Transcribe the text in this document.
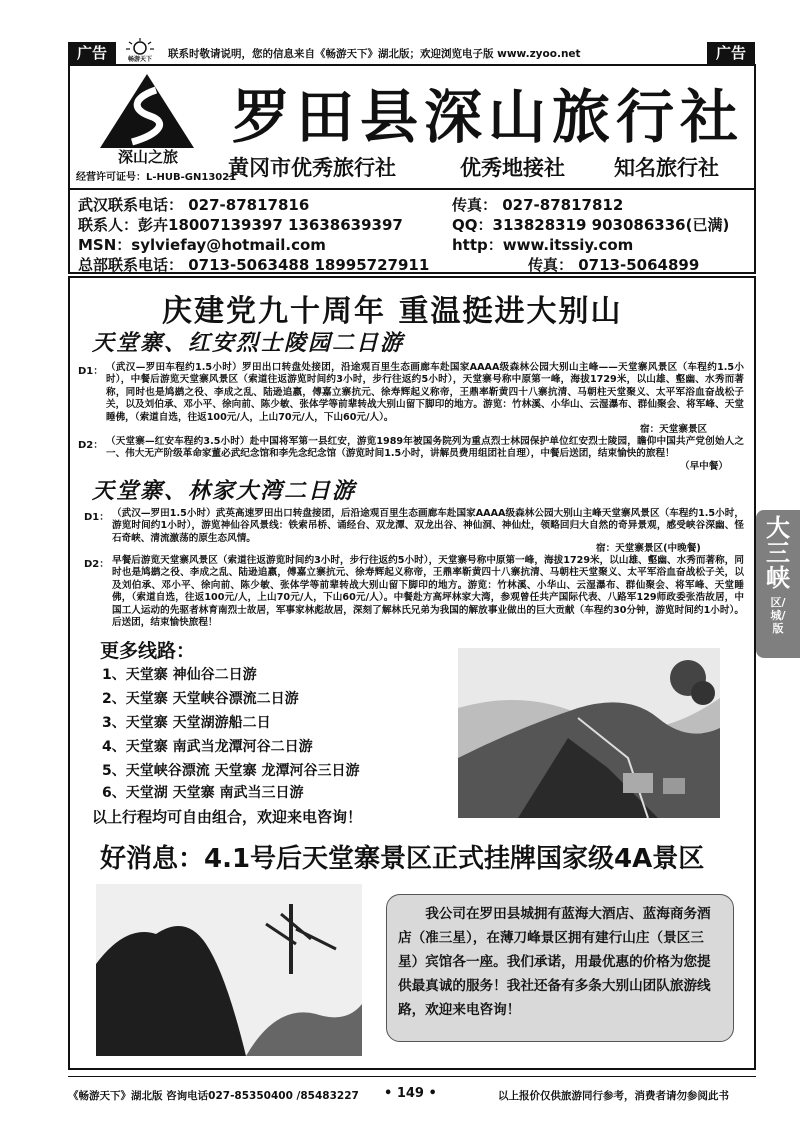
广告	畅游天下	联系时敬请说明，您的信息来自《畅游天下》湖北版；欢迎浏览电子版 www.zyoo.net	广告
深山之旅
经营许可证号：L-HUB-GN13021
罗田县深山旅行社
黄冈市优秀旅行社	优秀地接社 知名旅行社
武汉联系电话： 027-87817816	传真： 027-87817812
联系人：彭卉18007139397 13638639397	QQ：313828319 903086336(已满)
MSN：sylviefay@hotmail.com	http：www.itssiy.com
总部联系电话： 0713-5063488 18995727911	传真： 0713-5064899
庆建党九十周年 重温挺进大别山
天堂寨、红安烈士陵园二日游
D1： （武汉—罗田车程约1.5小时）罗田出口转盘处接团，沿途观百里生态画廊车赴国家AAAA级森林公园大别山主峰——天堂寨风景区（车程约1.5小时），中餐后游览天堂寨风景区（索道往返游览时间约3小时，步行往返约5小时），天堂寨号称中原第一峰，海拔1729米，以山雄、壑幽、水秀而著称，同时也是鸠鹚之役、李成之乱、陆逊追嬴，傅嘉立寨抗元、徐寿辉起义称帝，王鼎率靳黄四十八寨抗清、马朝柱天堂聚义、太平军浴血奋战松子关，以及刘伯承、邓小平、徐向前、陈少敏、张体学等前辈转战大别山留下脚印的地方。游览：竹林溪、小华山、云湿瀑布、群仙聚会、将军峰、天堂睡佛，（索道自选，往返100元/人，上山70元/人，下山60元/人）。
宿：天堂寨景区
D2： （天堂寨—红安车程约3.5小时）赴中国将军第一县红安，游览1989年被国务院列为重点烈士林园保护单位红安烈士陵园，瞻仰中国共产党创始人之一、伟大无产阶级革命家董必武纪念馆和李先念纪念馆（游览时间1.5小时，讲解员费用组团社自理），中餐后送团，结束愉快的旅程！
（早中餐）
天堂寨、林家大湾二日游
D1： （武汉—罗田1.5小时）武英高速罗田出口转盘接团，后沿途观百里生态画廊车赴国家AAAA级森林公园大别山主峰天堂寨风景区（车程约1.5小时，游览时间约1小时），游览神仙谷风景线：铁索吊桥、诵经台、双龙潭、双龙出谷、神仙洞、神仙灶，领略回归大自然的奇异景观，感受峡谷深幽、怪石奇峡、清流激荡的原生态风情。
宿：天堂寨景区(中晚餐)
D2： 早餐后游览天堂寨风景区（索道往返游览时间约3小时，步行往返约5小时），天堂寨号称中原第一峰，海拔1729米，以山雄、壑幽、水秀而著称，同时也是鸠鹚之役、李成之乱、陆逊追嬴，傅嘉立寨抗元、徐寿辉起义称帝，王鼎率靳黄四十八寨抗清、马朝柱天堂聚义、太平军浴血奋战松子关，以及刘伯承、邓小平、徐向前、陈少敏、张体学等前辈转战大别山留下脚印的地方。游览：竹林溪、小华山、云湿瀑布、群仙聚会、将军峰、天堂睡佛，（索道自选，往返100元/人，上山70元/人，下山60元/人）。中餐赴方高坪林家大湾，参观曾任共产国际代表、八路军129师政委张浩故居，中国工人运动的先驱者林育南烈士故居，军事家林彪故居，深刻了解林氏兄弟为我国的解放事业做出的巨大贡献（车程约30分钟，游览时间约1小时）。后送团，结束愉快旅程！
更多线路：
1、天堂寨 神仙谷二日游
2、天堂寨 天堂峡谷漂流二日游
3、天堂寨 天堂湖游船二日
4、天堂寨 南武当龙潭河谷二日游
5、天堂峡谷漂流 天堂寨 龙潭河谷三日游
6、天堂湖 天堂寨 南武当三日游
以上行程均可自由组合，欢迎来电咨询！
好消息：4.1号后天堂寨景区正式挂牌国家级4A景区
我公司在罗田县城拥有蓝海大酒店、蓝海商务酒店（准三星），在薄刀峰景区拥有建行山庄（景区三星）宾馆各一座。我们承诺，用最优惠的价格为您提供最真诚的服务！我社还备有多条大别山团队旅游线路，欢迎来电咨询！
大三峡
区/城/版
《畅游天下》湖北版 咨询电话027-85350400 /85483227 • 149 •	以上报价仅供旅游同行参考，消费者请勿参阅此书
